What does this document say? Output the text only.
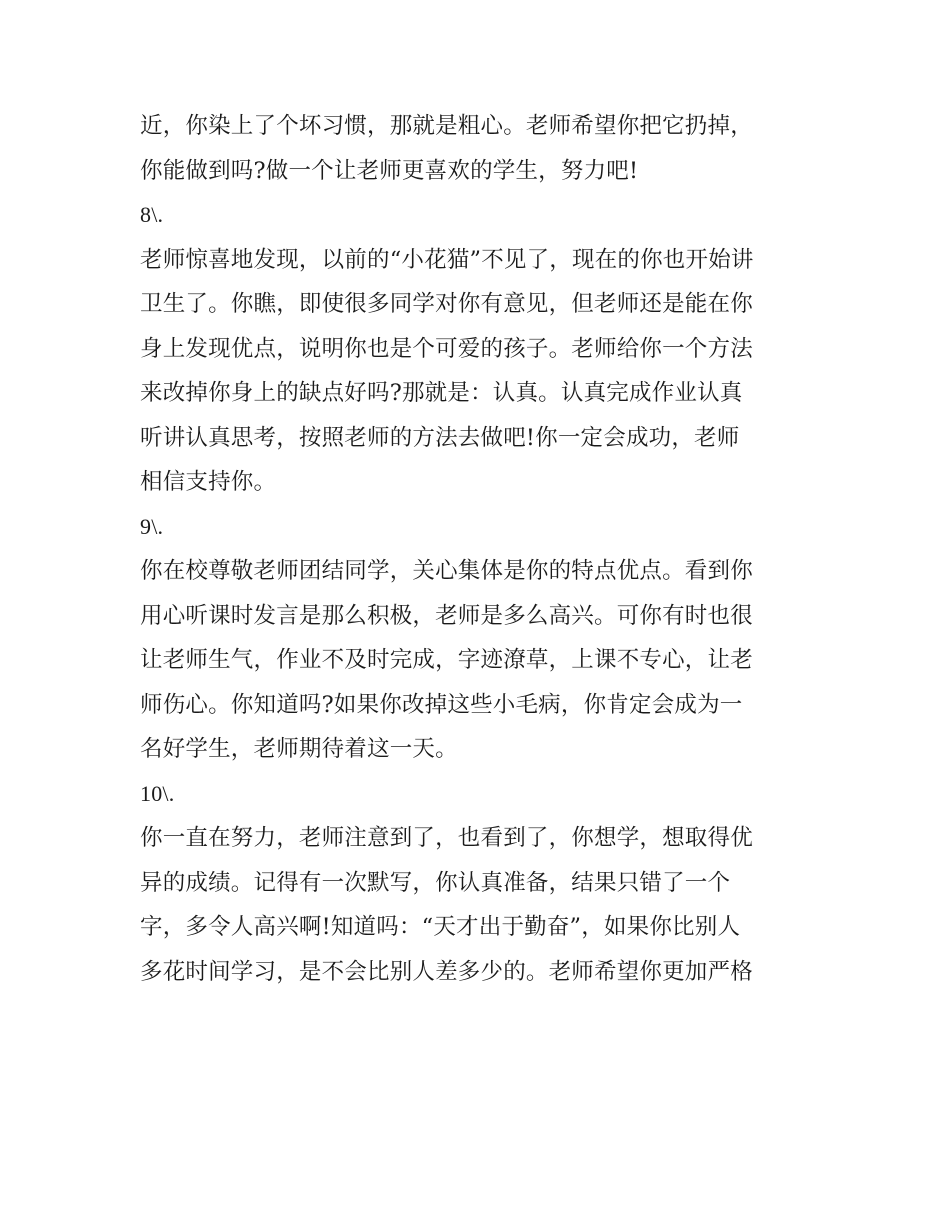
近，你染上了个坏习惯，那就是粗心。老师希望你把它扔掉，
你能做到吗?做一个让老师更喜欢的学生，努力吧!
8\.
老师惊喜地发现，以前的“小花猫”不见了，现在的你也开始讲
卫生了。你瞧，即使很多同学对你有意见，但老师还是能在你
身上发现优点，说明你也是个可爱的孩子。老师给你一个方法
来改掉你身上的缺点好吗?那就是：认真。认真完成作业认真
听讲认真思考，按照老师的方法去做吧!你一定会成功，老师
相信支持你。
9\.
你在校尊敬老师团结同学，关心集体是你的特点优点。看到你
用心听课时发言是那么积极，老师是多么高兴。可你有时也很
让老师生气，作业不及时完成，字迹潦草，上课不专心，让老
师伤心。你知道吗?如果你改掉这些小毛病，你肯定会成为一
名好学生，老师期待着这一天。
10\.
你一直在努力，老师注意到了，也看到了，你想学，想取得优
异的成绩。记得有一次默写，你认真准备，结果只错了一个
字，多令人高兴啊!知道吗：“天才出于勤奋”，如果你比别人
多花时间学习，是不会比别人差多少的。老师希望你更加严格
